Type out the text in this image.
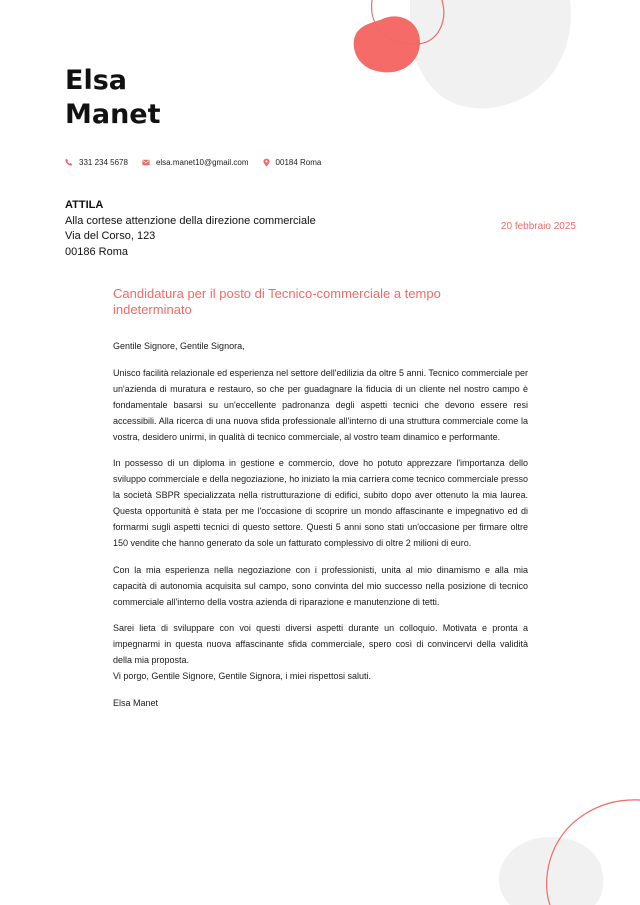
Elsa
Manet
331 234 5678	elsa.manet10@gmail.com	00184 Roma
ATTILA
Alla cortese attenzione della direzione commerciale
Via del Corso, 123
00186 Roma
20 febbraio 2025
Candidatura per il posto di Tecnico-commerciale a tempo indeterminato

Gentile Signore, Gentile Signora,

Unisco facilità relazionale ed esperienza nel settore dell'edilizia da oltre 5 anni. Tecnico commerciale per un'azienda di muratura e restauro, so che per guadagnare la fiducia di un cliente nel nostro campo è fondamentale basarsi su un'eccellente padronanza degli aspetti tecnici che devono essere resi accessibili. Alla ricerca di una nuova sfida professionale all'interno di una struttura commerciale come la vostra, desidero unirmi, in qualità di tecnico commerciale, al vostro team dinamico e performante.

In possesso di un diploma in gestione e commercio, dove ho potuto apprezzare l'importanza dello sviluppo commerciale e della negoziazione, ho iniziato la mia carriera come tecnico commerciale presso la società SBPR specializzata nella ristrutturazione di edifici, subito dopo aver ottenuto la mia laurea. Questa opportunità è stata per me l'occasione di scoprire un mondo affascinante e impegnativo ed di formarmi sugli aspetti tecnici di questo settore. Questi 5 anni sono stati un'occasione per firmare oltre 150 vendite che hanno generato da sole un fatturato complessivo di oltre 2 milioni di euro.

Con la mia esperienza nella negoziazione con i professionisti, unita al mio dinamismo e alla mia capacità di autonomia acquisita sul campo, sono convinta del mio successo nella posizione di tecnico commerciale all'interno della vostra azienda di riparazione e manutenzione di tetti.

Sarei lieta di sviluppare con voi questi diversi aspetti durante un colloquio. Motivata e pronta a impegnarmi in questa nuova affascinante sfida commerciale, spero così di convincervi della validità della mia proposta.

Vi porgo, Gentile Signore, Gentile Signora, i miei rispettosi saluti.

Elsa Manet
